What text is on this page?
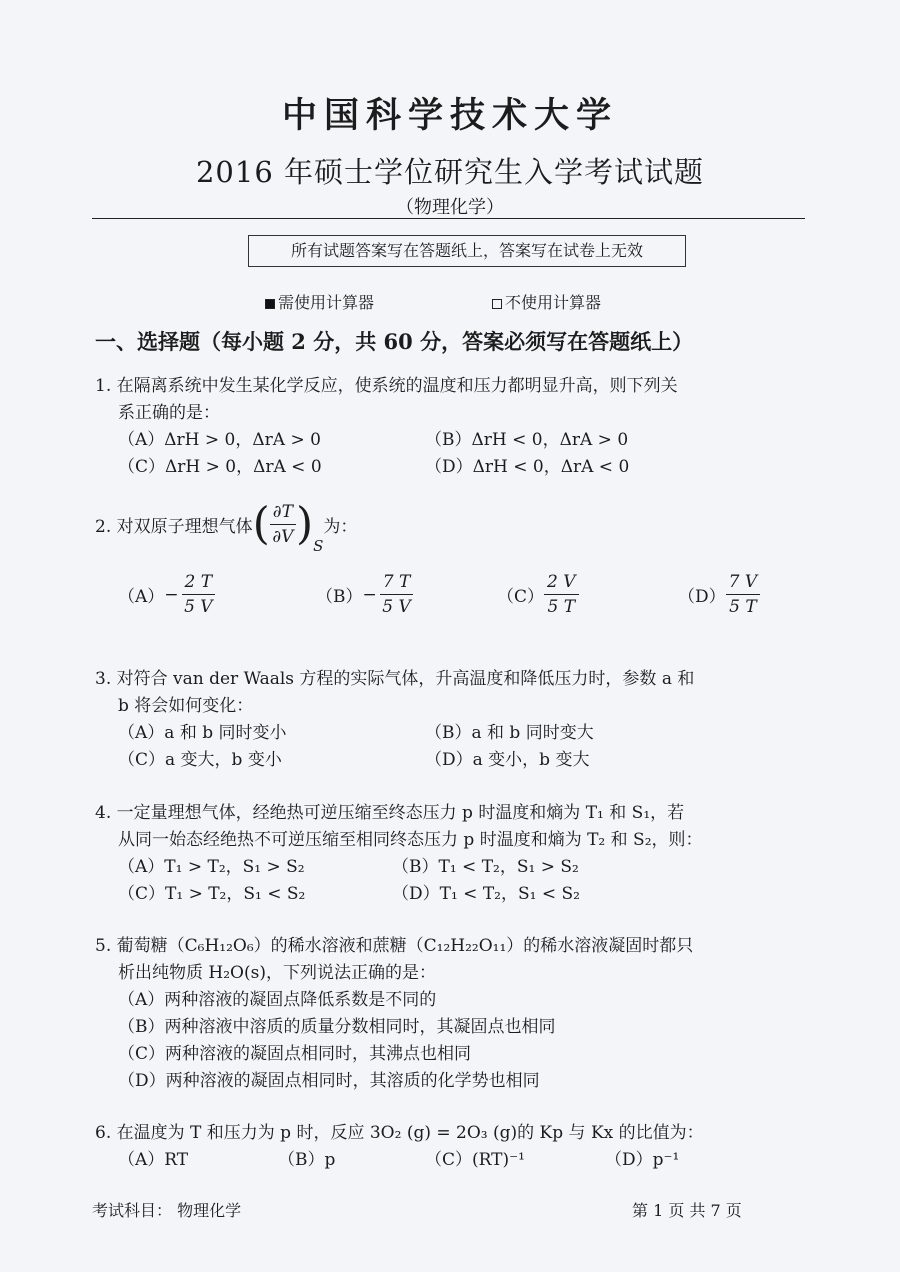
中国科学技术大学
2016 年硕士学位研究生入学考试试题
（物理化学）
所有试题答案写在答题纸上，答案写在试卷上无效
需使用计算器	不使用计算器
一、选择题（每小题 2 分，共 60 分，答案必须写在答题纸上）
1. 在隔离系统中发生某化学反应，使系统的温度和压力都明显升高，则下列关
系正确的是：
（A）ΔrH > 0，ΔrA > 0	（B）ΔrH < 0，ΔrA > 0
（C）ΔrH > 0，ΔrA < 0	（D）ΔrH < 0，ΔrA < 0
2. 对双原子理想气体( $\frac{\partial T}{\partial V} )S$为：
$(A)- \frac{2 T}{5 V}$	$(B)- \frac{7 T}{5 V}$	$(C) \frac{2 V}{5 T}$	$(D) \frac{7 V}{5 T}$
3. 对符合 van der Waals 方程的实际气体，升高温度和降低压力时，参数 a 和
b 将会如何变化：
（A）a 和 b 同时变小	（B）a 和 b 同时变大
（C）a 变大，b 变小	（D）a 变小，b 变大
4. 一定量理想气体，经绝热可逆压缩至终态压力 p 时温度和熵为 T₁ 和 S₁，若
从同一始态经绝热不可逆压缩至相同终态压力 p 时温度和熵为 T₂ 和 S₂，则：
（A）T₁ > T₂，S₁ > S₂	（B）T₁ < T₂，S₁ > S₂
（C）T₁ > T₂，S₁ < S₂	（D）T₁ < T₂，S₁ < S₂
5. 葡萄糖（C₆H₁₂O₆）的稀水溶液和蔗糖（C₁₂H₂₂O₁₁）的稀水溶液凝固时都只
析出纯物质 H₂O(s)，下列说法正确的是：
（A）两种溶液的凝固点降低系数是不同的
（B）两种溶液中溶质的质量分数相同时，其凝固点也相同
（C）两种溶液的凝固点相同时，其沸点也相同
（D）两种溶液的凝固点相同时，其溶质的化学势也相同
6. 在温度为 T 和压力为 p 时，反应 3O₂ (g) = 2O₃ (g)的 Kp 与 Kx 的比值为：
（A）RT	（B）p	（C）(RT)⁻¹	（D）p⁻¹
考试科目： 物理化学	第 1 页 共 7 页
